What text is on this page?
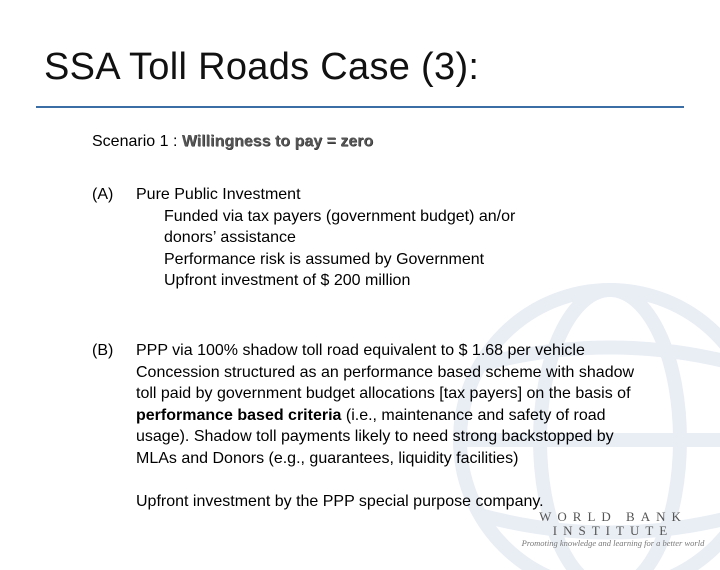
SSA Toll Roads Case (3):
Scenario 1 : Willingness to pay = zero
(A) Pure Public Investment
Funded via tax payers (government budget) an/or
donors’ assistance
Performance risk is assumed by Government
Upfront investment of $ 200 million
(B) PPP via 100% shadow toll road equivalent to $ 1.68 per vehicle
Concession structured as an performance based scheme with shadow toll paid by government budget allocations [tax payers] on the basis of performance based criteria (i.e., maintenance and safety of road usage). Shadow toll payments likely to need strong backstopped by MLAs and Donors (e.g., guarantees, liquidity facilities)
Upfront investment by the PPP special purpose company.
WORLD BANK INSTITUTE
Promoting knowledge and learning for a better world
